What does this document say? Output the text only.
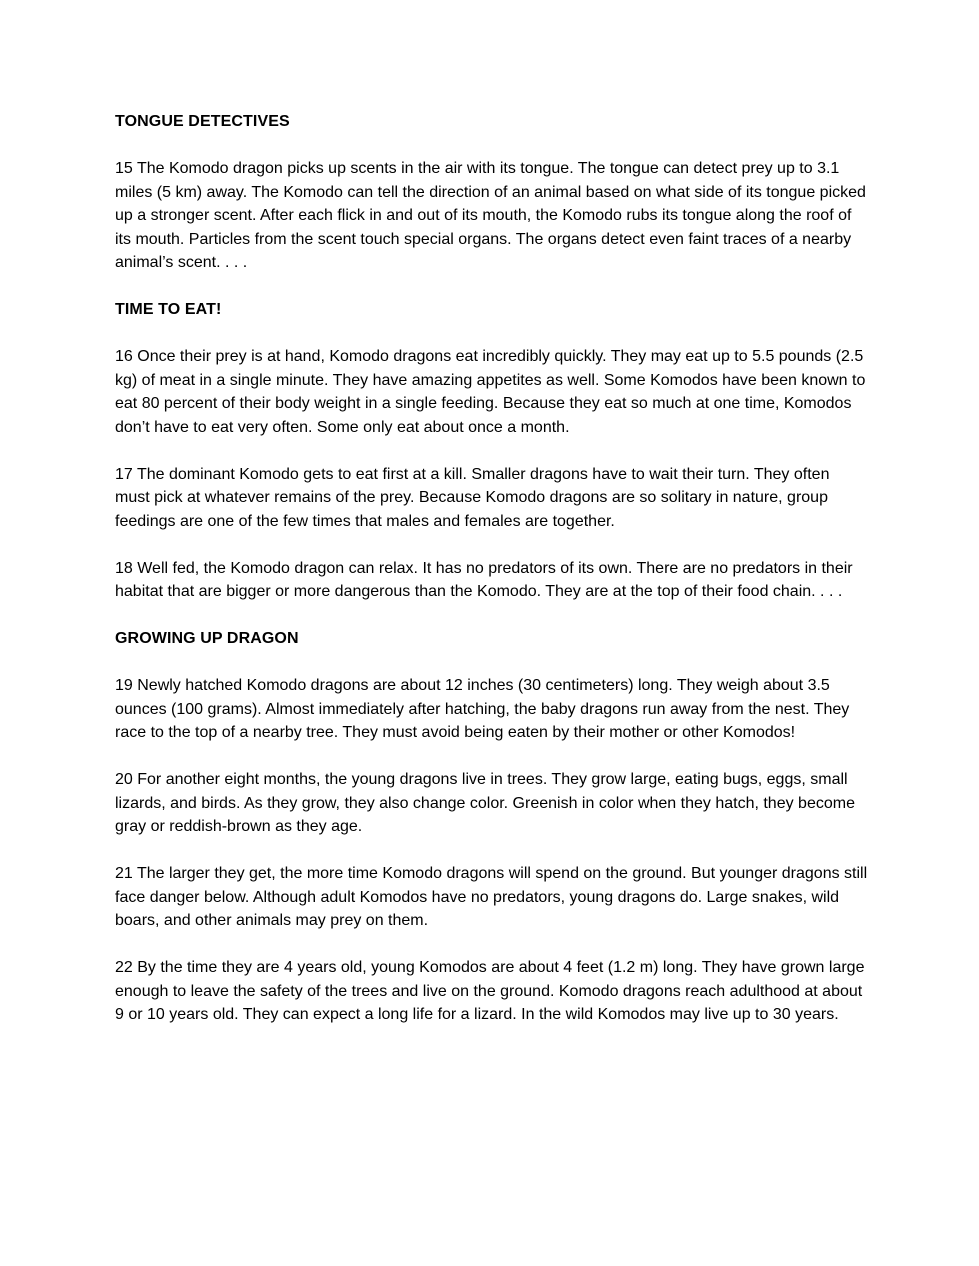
TONGUE DETECTIVES

15 The Komodo dragon picks up scents in the air with its tongue. The tongue can detect prey up to 3.1 miles (5 km) away. The Komodo can tell the direction of an animal based on what side of its tongue picked up a stronger scent. After each flick in and out of its mouth, the Komodo rubs its tongue along the roof of its mouth. Particles from the scent touch special organs. The organs detect even faint traces of a nearby animal’s scent. . . .

TIME TO EAT!

16 Once their prey is at hand, Komodo dragons eat incredibly quickly. They may eat up to 5.5 pounds (2.5 kg) of meat in a single minute. They have amazing appetites as well. Some Komodos have been known to eat 80 percent of their body weight in a single feeding. Because they eat so much at one time, Komodos don’t have to eat very often. Some only eat about once a month.

17 The dominant Komodo gets to eat first at a kill. Smaller dragons have to wait their turn. They often must pick at whatever remains of the prey. Because Komodo dragons are so solitary in nature, group feedings are one of the few times that males and females are together.

18 Well fed, the Komodo dragon can relax. It has no predators of its own. There are no predators in their habitat that are bigger or more dangerous than the Komodo. They are at the top of their food chain. . . .

GROWING UP DRAGON

19 Newly hatched Komodo dragons are about 12 inches (30 centimeters) long. They weigh about 3.5 ounces (100 grams). Almost immediately after hatching, the baby dragons run away from the nest. They race to the top of a nearby tree. They must avoid being eaten by their mother or other Komodos!

20 For another eight months, the young dragons live in trees. They grow large, eating bugs, eggs, small lizards, and birds. As they grow, they also change color. Greenish in color when they hatch, they become gray or reddish-brown as they age.

21 The larger they get, the more time Komodo dragons will spend on the ground. But younger dragons still face danger below. Although adult Komodos have no predators, young dragons do. Large snakes, wild boars, and other animals may prey on them.

22 By the time they are 4 years old, young Komodos are about 4 feet (1.2 m) long. They have grown large enough to leave the safety of the trees and live on the ground. Komodo dragons reach adulthood at about 9 or 10 years old. They can expect a long life for a lizard. In the wild Komodos may live up to 30 years.
